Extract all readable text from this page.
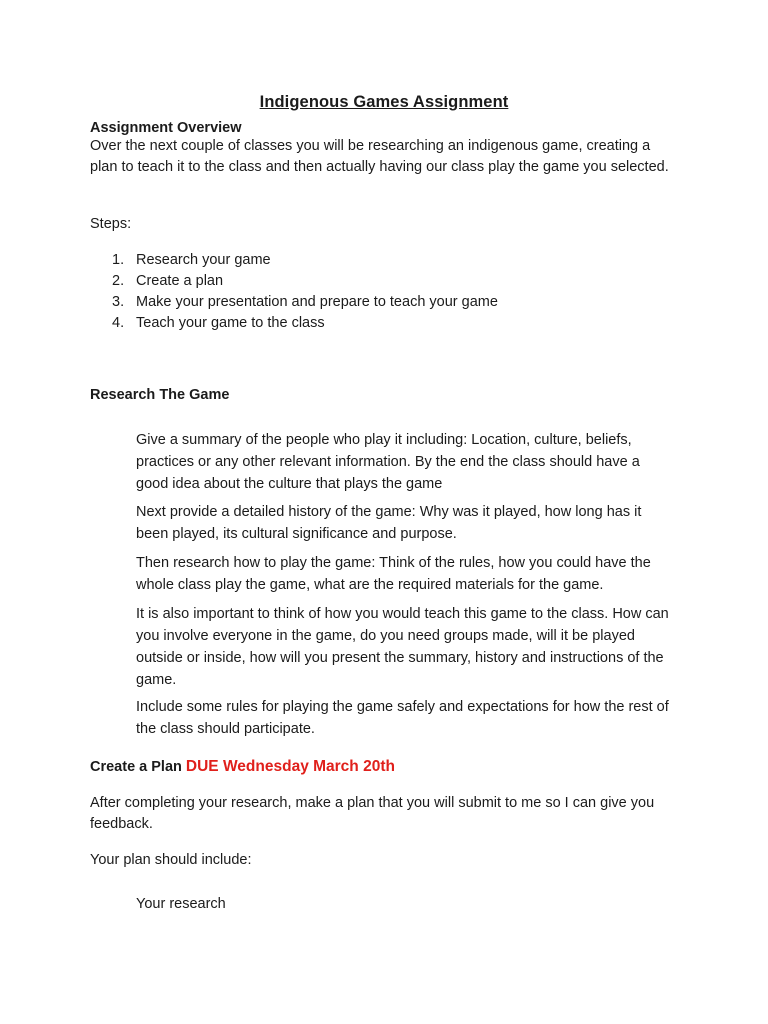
Indigenous Games Assignment
Assignment Overview
Over the next couple of classes you will be researching an indigenous game, creating a plan to teach it to the class and then actually having our class play the game you selected.
Steps:
1. Research your game
2. Create a plan
3. Make your presentation and prepare to teach your game
4. Teach your game to the class
Research The Game
Give a summary of the people who play it including: Location, culture, beliefs, practices or any other relevant information. By the end the class should have a good idea about the culture that plays the game
Next provide a detailed history of the game: Why was it played, how long has it been played, its cultural significance and purpose.
Then research how to play the game: Think of the rules, how you could have the whole class play the game, what are the required materials for the game.
It is also important to think of how you would teach this game to the class. How can you involve everyone in the game, do you need groups made, will it be played outside or inside, how will you present the summary, history and instructions of the game.
Include some rules for playing the game safely and expectations for how the rest of the class should participate.
Create a Plan DUE Wednesday March 20th
After completing your research, make a plan that you will submit to me so I can give you feedback.
Your plan should include:
Your research
